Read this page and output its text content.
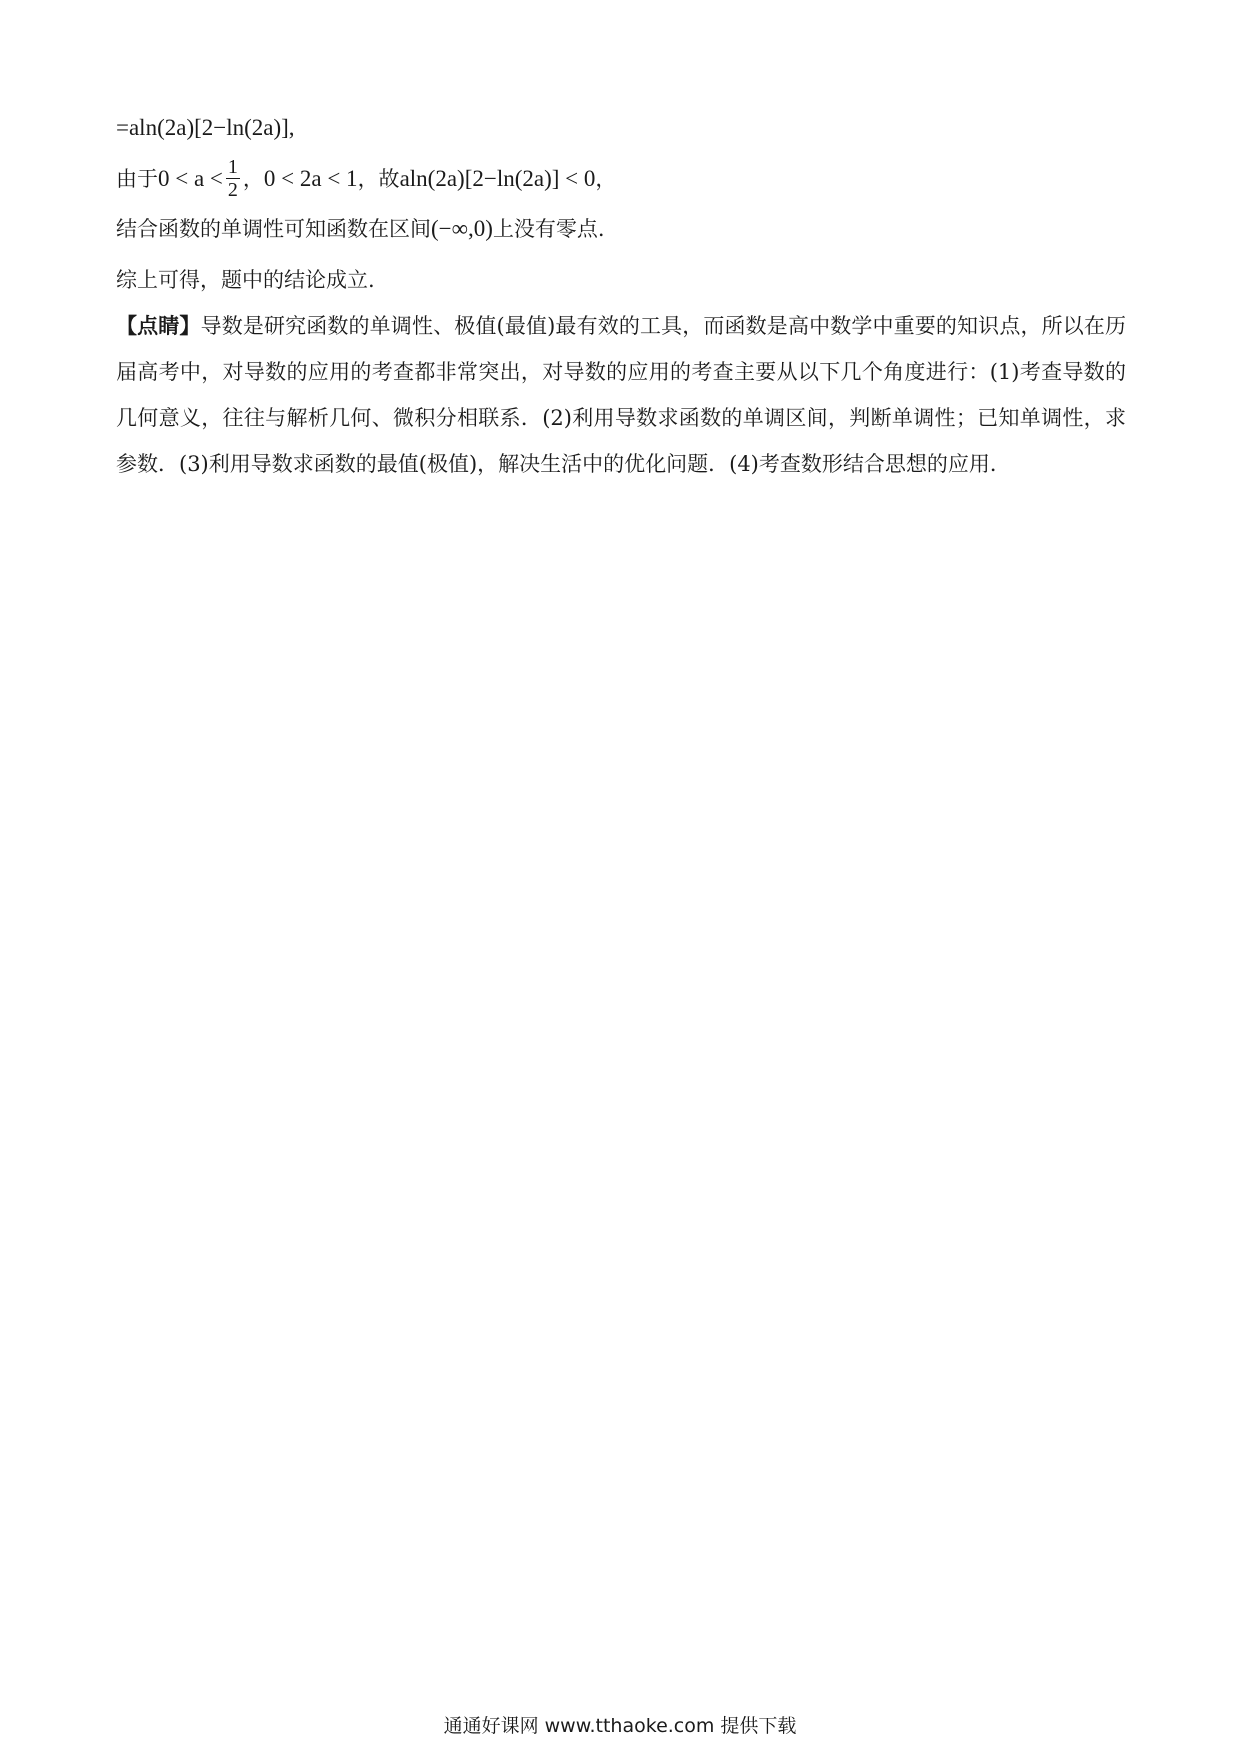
=aln(2a)[2−ln(2a)],
由于$0 < a < \frac{1}{2}$ ，0 < 2a < 1，故aln(2a)[2−ln(2a)] < 0，
结合函数的单调性可知函数在区间(−∞,0)上没有零点.
综上可得，题中的结论成立.
【点睛】导数是研究函数的单调性、极值(最值)最有效的工具，而函数是高中数学中重要的知识点，所以在历届高考中，对导数的应用的考查都非常突出，对导数的应用的考查主要从以下几个角度进行：(1)考查导数的几何意义，往往与解析几何、微积分相联系．(2)利用导数求函数的单调区间，判断单调性；已知单调性，求参数．(3)利用导数求函数的最值(极值)，解决生活中的优化问题．(4)考查数形结合思想的应用．
通通好课网 www.tthaoke.com 提供下载
